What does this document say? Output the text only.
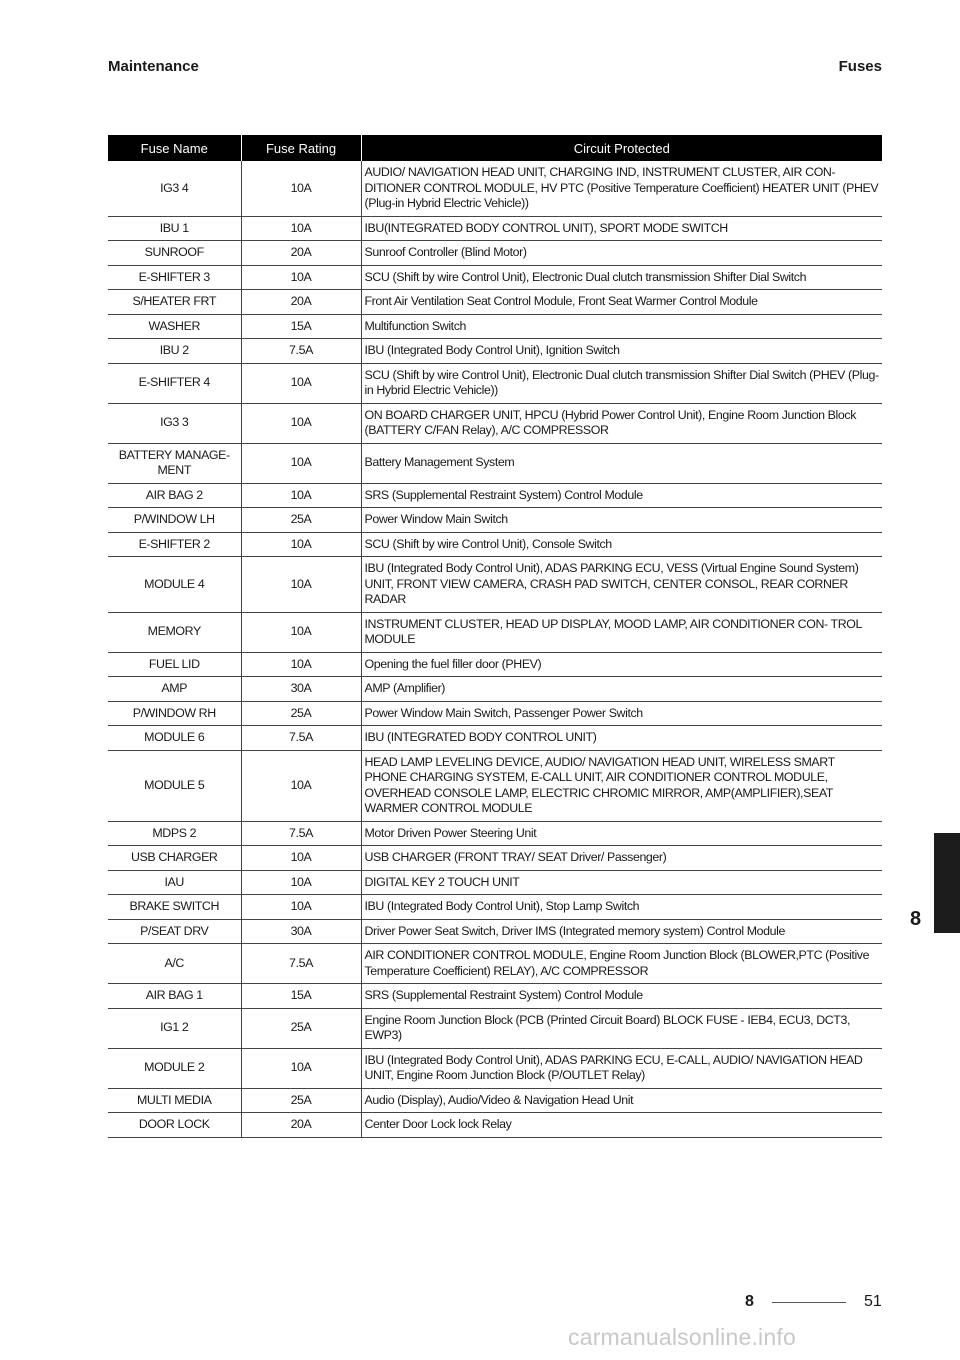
Maintenance	Fuses
Fuse Name	Fuse Rating	Circuit Protected
IG3 4	10A	AUDIO/ NAVIGATION HEAD UNIT, CHARGING IND, INSTRUMENT CLUSTER, AIR CON- DITIONER CONTROL MODULE, HV PTC (Positive Temperature Coefficient) HEATER UNIT (PHEV (Plug-in Hybrid Electric Vehicle))
IBU 1	10A	IBU(INTEGRATED BODY CONTROL UNIT), SPORT MODE SWITCH
SUNROOF	20A	Sunroof Controller (Blind Motor)
E-SHIFTER 3	10A	SCU (Shift by wire Control Unit), Electronic Dual clutch transmission Shifter Dial Switch
S/HEATER FRT	20A	Front Air Ventilation Seat Control Module, Front Seat Warmer Control Module
WASHER	15A	Multifunction Switch
IBU 2	7.5A	IBU (Integrated Body Control Unit), Ignition Switch
E-SHIFTER 4	10A	SCU (Shift by wire Control Unit), Electronic Dual clutch transmission Shifter Dial Switch (PHEV (Plug-in Hybrid Electric Vehicle))
IG3 3	10A	ON BOARD CHARGER UNIT, HPCU (Hybrid Power Control Unit), Engine Room Junction Block (BATTERY C/FAN Relay), A/C COMPRESSOR
BATTERY MANAGE- MENT	10A	Battery Management System
AIR BAG 2	10A	SRS (Supplemental Restraint System) Control Module
P/WINDOW LH	25A	Power Window Main Switch
E-SHIFTER 2	10A	SCU (Shift by wire Control Unit), Console Switch
MODULE 4	10A	IBU (Integrated Body Control Unit), ADAS PARKING ECU, VESS (Virtual Engine Sound System) UNIT, FRONT VIEW CAMERA, CRASH PAD SWITCH, CENTER CONSOL, REAR CORNER RADAR
MEMORY	10A	INSTRUMENT CLUSTER, HEAD UP DISPLAY, MOOD LAMP, AIR CONDITIONER CON- TROL MODULE
FUEL LID	10A	Opening the fuel filler door (PHEV)
AMP	30A	AMP (Amplifier)
P/WINDOW RH	25A	Power Window Main Switch, Passenger Power Switch
MODULE 6	7.5A	IBU (INTEGRATED BODY CONTROL UNIT)
MODULE 5	10A	HEAD LAMP LEVELING DEVICE, AUDIO/ NAVIGATION HEAD UNIT, WIRELESS SMART PHONE CHARGING SYSTEM, E-CALL UNIT, AIR CONDITIONER CONTROL MODULE, OVERHEAD CONSOLE LAMP, ELECTRIC CHROMIC MIRROR, AMP(AMPLIFIER),SEAT WARMER CONTROL MODULE
MDPS 2	7.5A	Motor Driven Power Steering Unit
USB CHARGER	10A	USB CHARGER (FRONT TRAY/ SEAT Driver/ Passenger)
IAU	10A	DIGITAL KEY 2 TOUCH UNIT
BRAKE SWITCH	10A	IBU (Integrated Body Control Unit), Stop Lamp Switch
P/SEAT DRV	30A	Driver Power Seat Switch, Driver IMS (Integrated memory system) Control Module
A/C	7.5A	AIR CONDITIONER CONTROL MODULE, Engine Room Junction Block (BLOWER,PTC (Positive Temperature Coefficient) RELAY), A/C COMPRESSOR
AIR BAG 1	15A	SRS (Supplemental Restraint System) Control Module
IG1 2	25A	Engine Room Junction Block (PCB (Printed Circuit Board) BLOCK FUSE - IEB4, ECU3, DCT3, EWP3)
MODULE 2	10A	IBU (Integrated Body Control Unit), ADAS PARKING ECU, E-CALL, AUDIO/ NAVIGATION HEAD UNIT, Engine Room Junction Block (P/OUTLET Relay)
MULTI MEDIA	25A	Audio (Display), Audio/Video & Navigation Head Unit
DOOR LOCK	20A	Center Door Lock lock Relay
8
8	51
carmanualsonline.info
